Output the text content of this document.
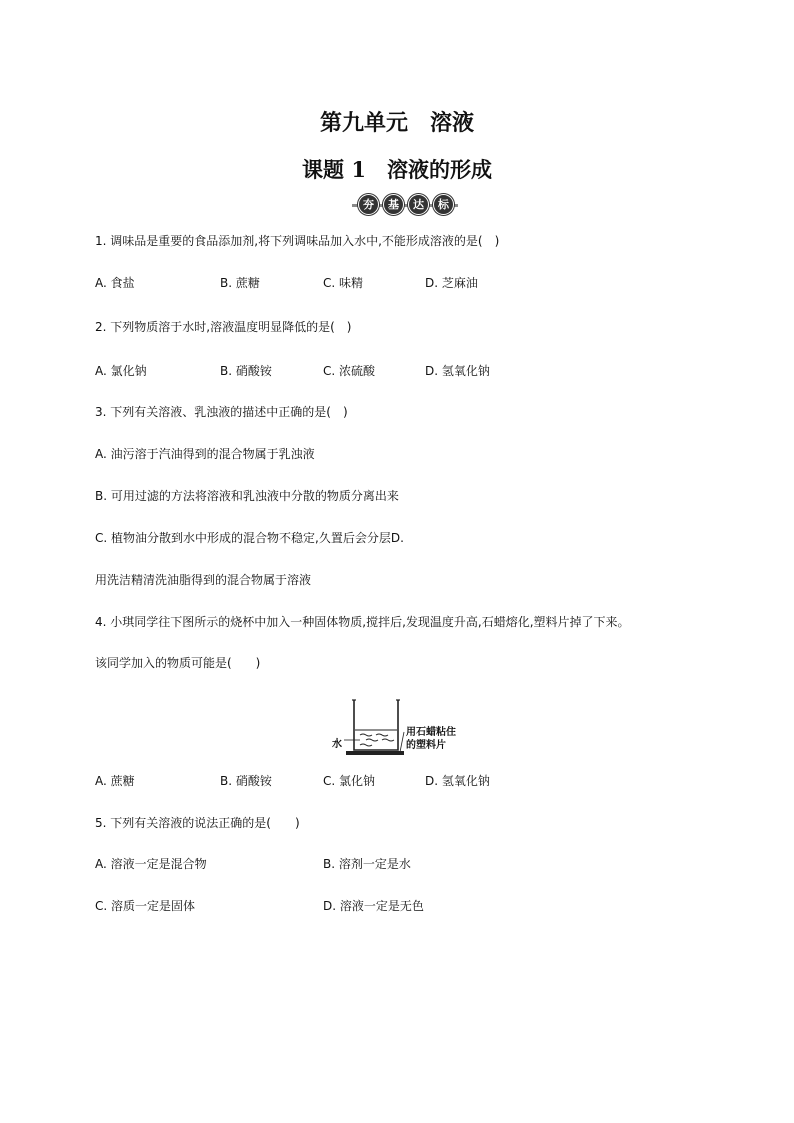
第九单元　溶液
课题 1　溶液的形成
夯	基	达	标
1. 调味品是重要的食品添加剂,将下列调味品加入水中,不能形成溶液的是(　)
A. 食盐	B. 蔗糖	C. 味精	D. 芝麻油
2. 下列物质溶于水时,溶液温度明显降低的是(　)
A. 氯化钠	B. 硝酸铵	C. 浓硫酸	D. 氢氧化钠
3. 下列有关溶液、乳浊液的描述中正确的是(　)
A. 油污溶于汽油得到的混合物属于乳浊液
B. 可用过滤的方法将溶液和乳浊液中分散的物质分离出来
C. 植物油分散到水中形成的混合物不稳定,久置后会分层D.
用洗洁精清洗油脂得到的混合物属于溶液
4. 小琪同学往下图所示的烧杯中加入一种固体物质,搅拌后,发现温度升高,石蜡熔化,塑料片掉了下来。
该同学加入的物质可能是(　　)
水
用石蜡粘住
的塑料片
A. 蔗糖	B. 硝酸铵	C. 氯化钠	D. 氢氧化钠
5. 下列有关溶液的说法正确的是(　　)
A. 溶液一定是混合物	B. 溶剂一定是水
C. 溶质一定是固体	D. 溶液一定是无色
